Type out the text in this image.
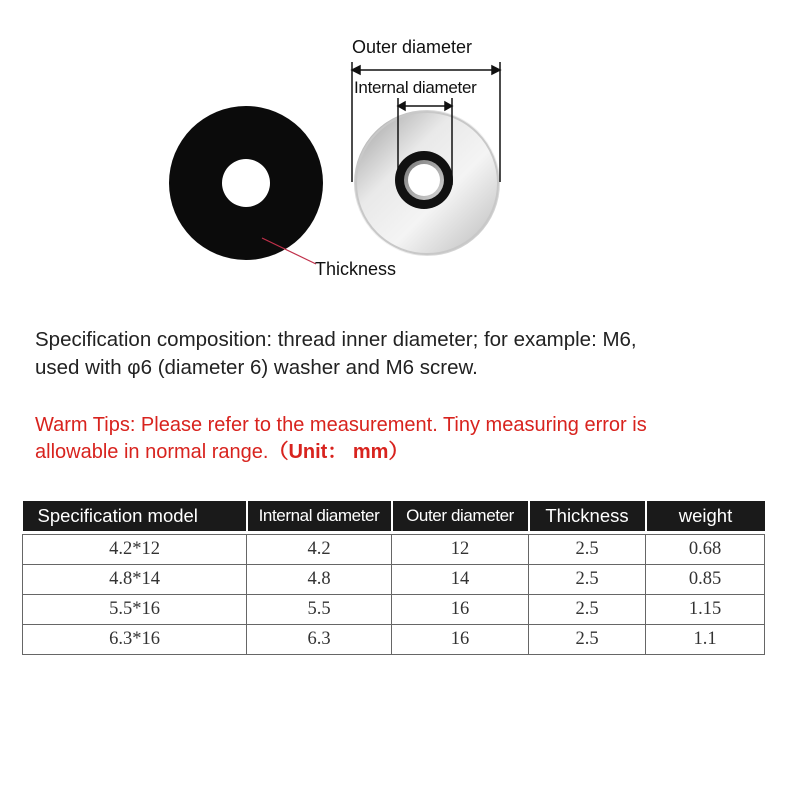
Outer diameter
Internal diameter
Thickness
Specification composition: thread inner diameter; for example: M6,
used with φ6 (diameter 6) washer and M6 screw.
Warm Tips: Please refer to the measurement. Tiny measuring error is
allowable in normal range.（Unit： mm）
Specification model	Internal diameter	Outer diameter	Thickness	weight

4.2*12	4.2	12	2.5	0.68
4.8*14	4.8	14	2.5	0.85
5.5*16	5.5	16	2.5	1.15
6.3*16	6.3	16	2.5	1.1
